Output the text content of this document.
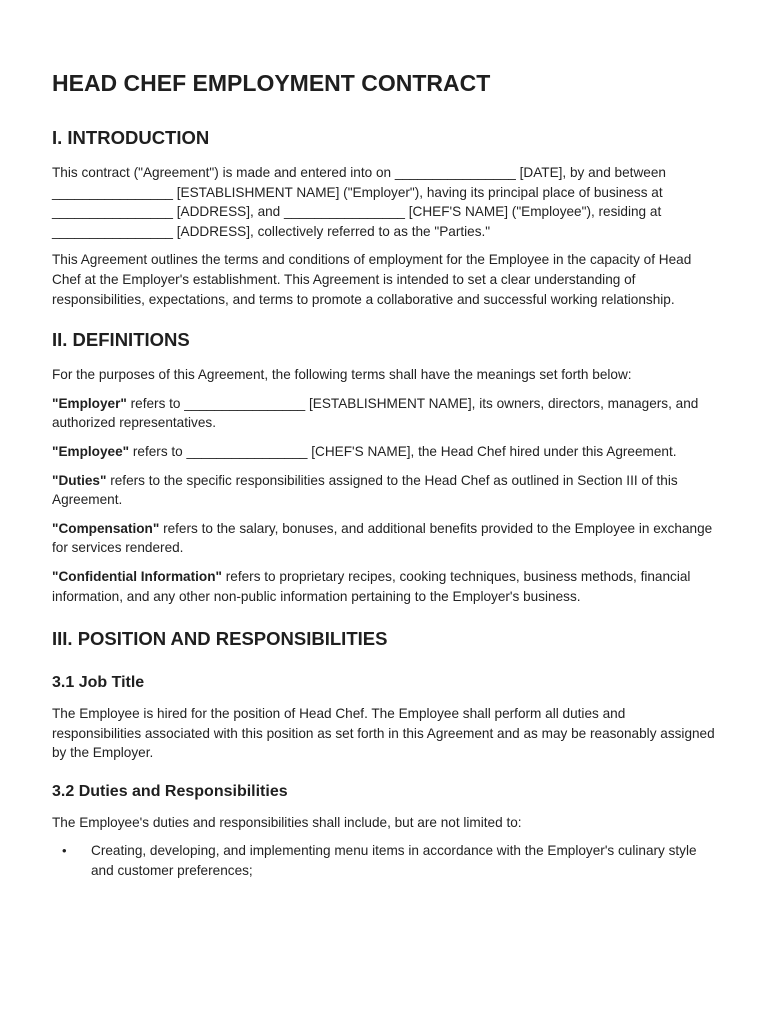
HEAD CHEF EMPLOYMENT CONTRACT
I. INTRODUCTION

This contract ("Agreement") is made and entered into on ________________ [DATE], by and between ________________ [ESTABLISHMENT NAME] ("Employer"), having its principal place of business at ________________ [ADDRESS], and ________________ [CHEF'S NAME] ("Employee"), residing at ________________ [ADDRESS], collectively referred to as the "Parties."

This Agreement outlines the terms and conditions of employment for the Employee in the capacity of Head Chef at the Employer's establishment. This Agreement is intended to set a clear understanding of responsibilities, expectations, and terms to promote a collaborative and successful working relationship.

II. DEFINITIONS

For the purposes of this Agreement, the following terms shall have the meanings set forth below:

"Employer" refers to ________________ [ESTABLISHMENT NAME], its owners, directors, managers, and authorized representatives.

"Employee" refers to ________________ [CHEF'S NAME], the Head Chef hired under this Agreement.

"Duties" refers to the specific responsibilities assigned to the Head Chef as outlined in Section III of this Agreement.

"Compensation" refers to the salary, bonuses, and additional benefits provided to the Employee in exchange for services rendered.

"Confidential Information" refers to proprietary recipes, cooking techniques, business methods, financial information, and any other non-public information pertaining to the Employer's business.

III. POSITION AND RESPONSIBILITIES
3.1 Job Title

The Employee is hired for the position of Head Chef. The Employee shall perform all duties and responsibilities associated with this position as set forth in this Agreement and as may be reasonably assigned by the Employer.

3.2 Duties and Responsibilities

The Employee's duties and responsibilities shall include, but are not limited to:

• Creating, developing, and implementing menu items in accordance with the Employer's culinary style and customer preferences;
